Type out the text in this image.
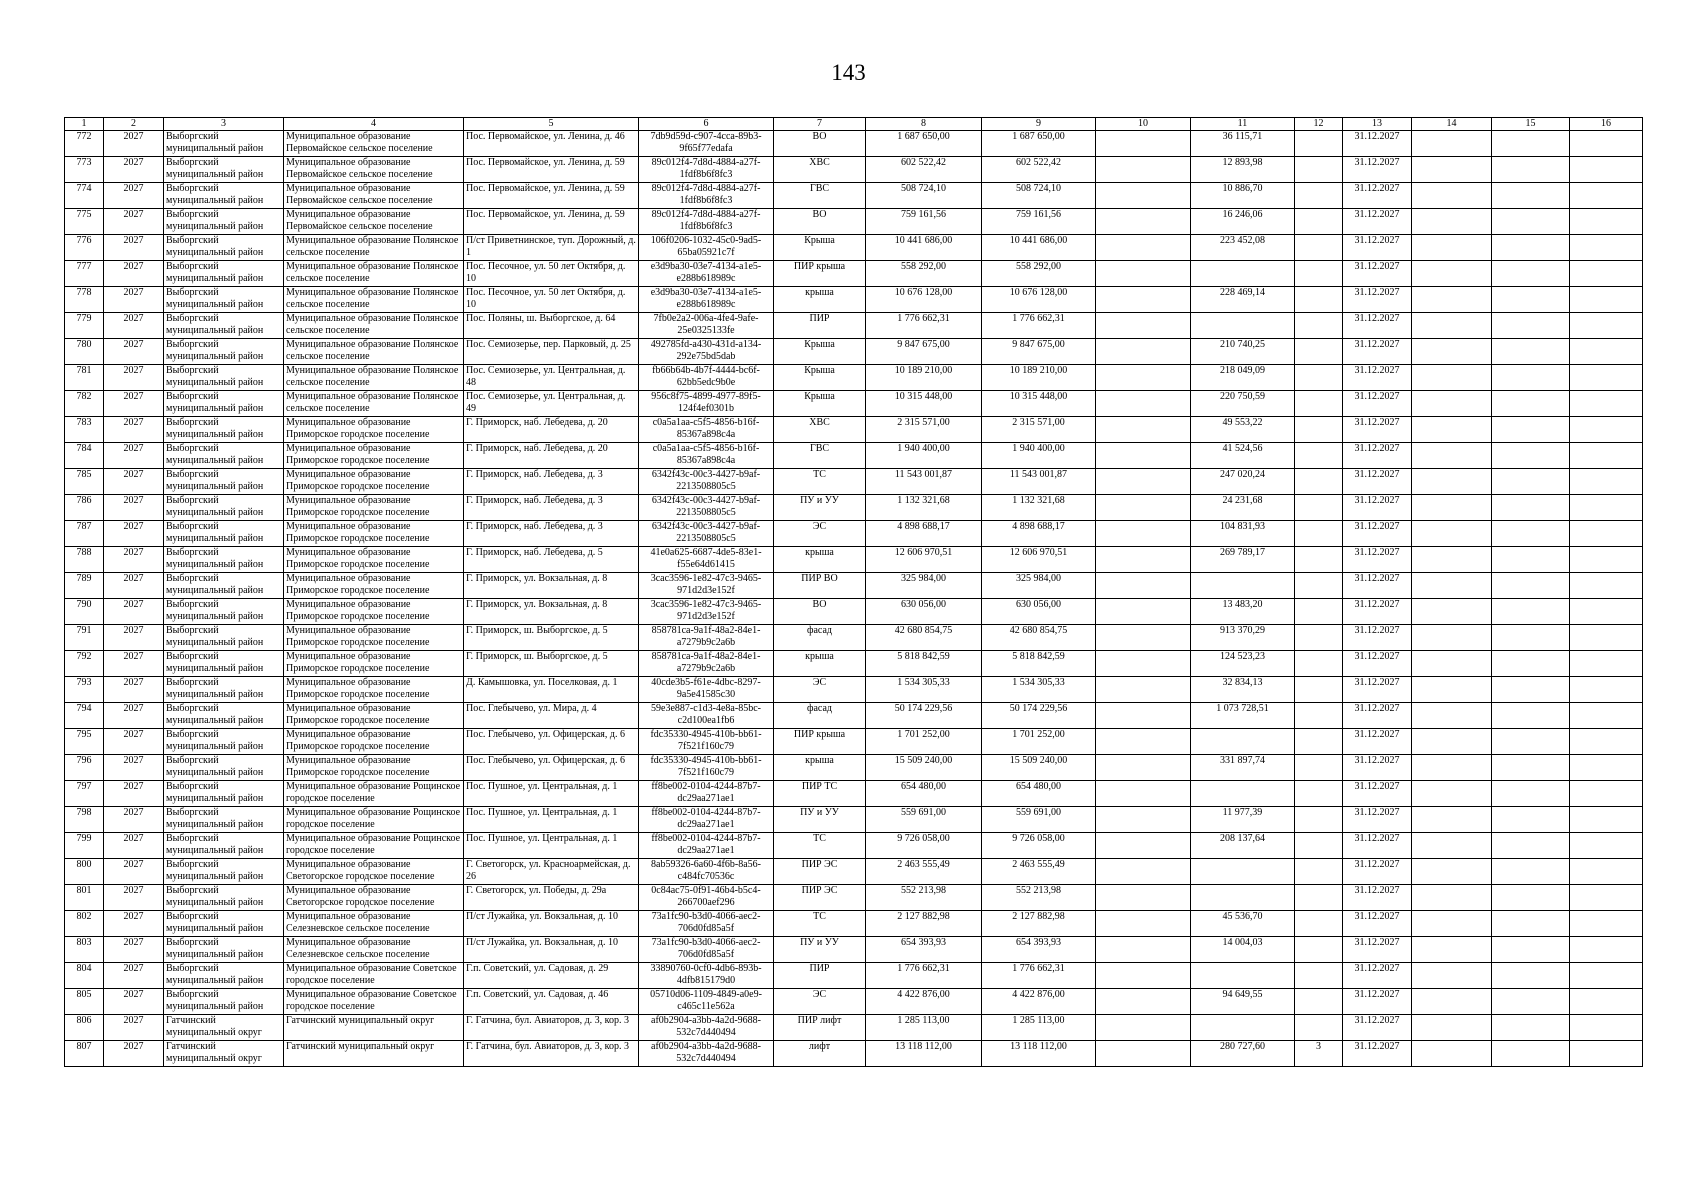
143
1	2	3	4	5	6	7	8	9	10	11	12	13	14	15	16
772	2027	Выборгский муниципальный район	Муниципальное образование Первомайское сельское поселение	Пос. Первомайское, ул. Ленина, д. 46	7db9d59d-c907-4cca-89b3-9f65f77edafa	ВО	1 687 650,00	1 687 650,00		36 115,71		31.12.2027			
773	2027	Выборгский муниципальный район	Муниципальное образование Первомайское сельское поселение	Пос. Первомайское, ул. Ленина, д. 59	89c012f4-7d8d-4884-a27f-1fdf8b6f8fc3	ХВС	602 522,42	602 522,42		12 893,98		31.12.2027			
774	2027	Выборгский муниципальный район	Муниципальное образование Первомайское сельское поселение	Пос. Первомайское, ул. Ленина, д. 59	89c012f4-7d8d-4884-a27f-1fdf8b6f8fc3	ГВС	508 724,10	508 724,10		10 886,70		31.12.2027			
775	2027	Выборгский муниципальный район	Муниципальное образование Первомайское сельское поселение	Пос. Первомайское, ул. Ленина, д. 59	89c012f4-7d8d-4884-a27f-1fdf8b6f8fc3	ВО	759 161,56	759 161,56		16 246,06		31.12.2027			
776	2027	Выборгский муниципальный район	Муниципальное образование Полянское сельское поселение	П/ст Приветнинское, туп. Дорожный, д. 1	106f0206-1032-45c0-9ad5-65ba05921c7f	Крыша	10 441 686,00	10 441 686,00		223 452,08		31.12.2027			
777	2027	Выборгский муниципальный район	Муниципальное образование Полянское сельское поселение	Пос. Песочное, ул. 50 лет Октября, д. 10	e3d9ba30-03e7-4134-a1e5-e288b618989c	ПИР крыша	558 292,00	558 292,00				31.12.2027			
778	2027	Выборгский муниципальный район	Муниципальное образование Полянское сельское поселение	Пос. Песочное, ул. 50 лет Октября, д. 10	e3d9ba30-03e7-4134-a1e5-e288b618989c	крыша	10 676 128,00	10 676 128,00		228 469,14		31.12.2027			
779	2027	Выборгский муниципальный район	Муниципальное образование Полянское сельское поселение	Пос. Поляны, ш. Выборгское, д. 64	7fb0e2a2-006a-4fe4-9afe-25e0325133fe	ПИР	1 776 662,31	1 776 662,31				31.12.2027			
780	2027	Выборгский муниципальный район	Муниципальное образование Полянское сельское поселение	Пос. Семиозерье, пер. Парковый, д. 25	492785fd-a430-431d-a134-292e75bd5dab	Крыша	9 847 675,00	9 847 675,00		210 740,25		31.12.2027			
781	2027	Выборгский муниципальный район	Муниципальное образование Полянское сельское поселение	Пос. Семиозерье, ул. Центральная, д. 48	fb66b64b-4b7f-4444-bc6f-62bb5edc9b0e	Крыша	10 189 210,00	10 189 210,00		218 049,09		31.12.2027			
782	2027	Выборгский муниципальный район	Муниципальное образование Полянское сельское поселение	Пос. Семиозерье, ул. Центральная, д. 49	956c8f75-4899-4977-89f5-124f4ef0301b	Крыша	10 315 448,00	10 315 448,00		220 750,59		31.12.2027			
783	2027	Выборгский муниципальный район	Муниципальное образование Приморское городское поселение	Г. Приморск, наб. Лебедева, д. 20	c0a5a1aa-c5f5-4856-b16f-85367a898c4a	ХВС	2 315 571,00	2 315 571,00		49 553,22		31.12.2027			
784	2027	Выборгский муниципальный район	Муниципальное образование Приморское городское поселение	Г. Приморск, наб. Лебедева, д. 20	c0a5a1aa-c5f5-4856-b16f-85367a898c4a	ГВС	1 940 400,00	1 940 400,00		41 524,56		31.12.2027			
785	2027	Выборгский муниципальный район	Муниципальное образование Приморское городское поселение	Г. Приморск, наб. Лебедева, д. 3	6342f43c-00c3-4427-b9af-2213508805c5	ТС	11 543 001,87	11 543 001,87		247 020,24		31.12.2027			
786	2027	Выборгский муниципальный район	Муниципальное образование Приморское городское поселение	Г. Приморск, наб. Лебедева, д. 3	6342f43c-00c3-4427-b9af-2213508805c5	ПУ и УУ	1 132 321,68	1 132 321,68		24 231,68		31.12.2027			
787	2027	Выборгский муниципальный район	Муниципальное образование Приморское городское поселение	Г. Приморск, наб. Лебедева, д. 3	6342f43c-00c3-4427-b9af-2213508805c5	ЭС	4 898 688,17	4 898 688,17		104 831,93		31.12.2027			
788	2027	Выборгский муниципальный район	Муниципальное образование Приморское городское поселение	Г. Приморск, наб. Лебедева, д. 5	41e0a625-6687-4de5-83e1-f55e64d61415	крыша	12 606 970,51	12 606 970,51		269 789,17		31.12.2027			
789	2027	Выборгский муниципальный район	Муниципальное образование Приморское городское поселение	Г. Приморск, ул. Вокзальная, д. 8	3cac3596-1e82-47c3-9465-971d2d3e152f	ПИР ВО	325 984,00	325 984,00				31.12.2027			
790	2027	Выборгский муниципальный район	Муниципальное образование Приморское городское поселение	Г. Приморск, ул. Вокзальная, д. 8	3cac3596-1e82-47c3-9465-971d2d3e152f	ВО	630 056,00	630 056,00		13 483,20		31.12.2027			
791	2027	Выборгский муниципальный район	Муниципальное образование Приморское городское поселение	Г. Приморск, ш. Выборгское, д. 5	858781ca-9a1f-48a2-84e1-a7279b9c2a6b	фасад	42 680 854,75	42 680 854,75		913 370,29		31.12.2027			
792	2027	Выборгский муниципальный район	Муниципальное образование Приморское городское поселение	Г. Приморск, ш. Выборгское, д. 5	858781ca-9a1f-48a2-84e1-a7279b9c2a6b	крыша	5 818 842,59	5 818 842,59		124 523,23		31.12.2027			
793	2027	Выборгский муниципальный район	Муниципальное образование Приморское городское поселение	Д. Камышовка, ул. Поселковая, д. 1	40cde3b5-f61e-4dbc-8297-9a5e41585c30	ЭС	1 534 305,33	1 534 305,33		32 834,13		31.12.2027			
794	2027	Выборгский муниципальный район	Муниципальное образование Приморское городское поселение	Пос. Глебычево, ул. Мира, д. 4	59e3e887-c1d3-4e8a-85bc-c2d100ea1fb6	фасад	50 174 229,56	50 174 229,56		1 073 728,51		31.12.2027			
795	2027	Выборгский муниципальный район	Муниципальное образование Приморское городское поселение	Пос. Глебычево, ул. Офицерская, д. 6	fdc35330-4945-410b-bb61-7f521f160c79	ПИР крыша	1 701 252,00	1 701 252,00				31.12.2027			
796	2027	Выборгский муниципальный район	Муниципальное образование Приморское городское поселение	Пос. Глебычево, ул. Офицерская, д. 6	fdc35330-4945-410b-bb61-7f521f160c79	крыша	15 509 240,00	15 509 240,00		331 897,74		31.12.2027			
797	2027	Выборгский муниципальный район	Муниципальное образование Рощинское городское поселение	Пос. Пушное, ул. Центральная, д. 1	ff8be002-0104-4244-87b7-dc29aa271ae1	ПИР ТС	654 480,00	654 480,00				31.12.2027			
798	2027	Выборгский муниципальный район	Муниципальное образование Рощинское городское поселение	Пос. Пушное, ул. Центральная, д. 1	ff8be002-0104-4244-87b7-dc29aa271ae1	ПУ и УУ	559 691,00	559 691,00		11 977,39		31.12.2027			
799	2027	Выборгский муниципальный район	Муниципальное образование Рощинское городское поселение	Пос. Пушное, ул. Центральная, д. 1	ff8be002-0104-4244-87b7-dc29aa271ae1	ТС	9 726 058,00	9 726 058,00		208 137,64		31.12.2027			
800	2027	Выборгский муниципальный район	Муниципальное образование Светогорское городское поселение	Г. Светогорск, ул. Красноармейская, д. 26	8ab59326-6a60-4f6b-8a56-c484fc70536c	ПИР ЭС	2 463 555,49	2 463 555,49				31.12.2027			
801	2027	Выборгский муниципальный район	Муниципальное образование Светогорское городское поселение	Г. Светогорск, ул. Победы, д. 29а	0c84ac75-0f91-46b4-b5c4-266700aef296	ПИР ЭС	552 213,98	552 213,98				31.12.2027			
802	2027	Выборгский муниципальный район	Муниципальное образование Селезневское сельское поселение	П/ст Лужайка, ул. Вокзальная, д. 10	73a1fc90-b3d0-4066-aec2-706d0fd85a5f	ТС	2 127 882,98	2 127 882,98		45 536,70		31.12.2027			
803	2027	Выборгский муниципальный район	Муниципальное образование Селезневское сельское поселение	П/ст Лужайка, ул. Вокзальная, д. 10	73a1fc90-b3d0-4066-aec2-706d0fd85a5f	ПУ и УУ	654 393,93	654 393,93		14 004,03		31.12.2027			
804	2027	Выборгский муниципальный район	Муниципальное образование Советское городское поселение	Г.п. Советский, ул. Садовая, д. 29	33890760-0cf0-4db6-893b-4dfb815179d0	ПИР	1 776 662,31	1 776 662,31				31.12.2027			
805	2027	Выборгский муниципальный район	Муниципальное образование Советское городское поселение	Г.п. Советский, ул. Садовая, д. 46	05710d06-1109-4849-a0e9-c465c11e562a	ЭС	4 422 876,00	4 422 876,00		94 649,55		31.12.2027			
806	2027	Гатчинский муниципальный округ	Гатчинский муниципальный округ	Г. Гатчина, бул. Авиаторов, д. 3, кор. 3	af0b2904-a3bb-4a2d-9688-532c7d440494	ПИР лифт	1 285 113,00	1 285 113,00				31.12.2027			
807	2027	Гатчинский муниципальный округ	Гатчинский муниципальный округ	Г. Гатчина, бул. Авиаторов, д. 3, кор. 3	af0b2904-a3bb-4a2d-9688-532c7d440494	лифт	13 118 112,00	13 118 112,00		280 727,60	3	31.12.2027			
